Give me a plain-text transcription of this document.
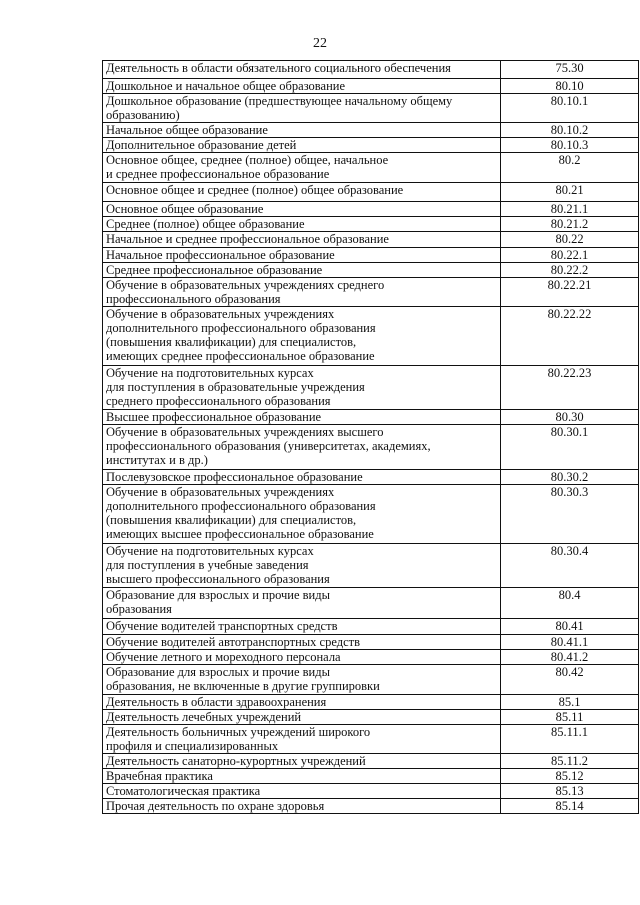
22
Деятельность в области обязательного социального обеспечения	75.30

Дошкольное и начальное общее образование	80.10

Дошкольное образование (предшествующее начальному общему
образованию)	80.10.1

Начальное общее образование	80.10.2

Дополнительное образование детей	80.10.3

Основное общее, среднее (полное) общее, начальное
и среднее профессиональное образование	80.2

Основное общее и среднее (полное) общее образование	80.21

Основное общее образование	80.21.1

Среднее (полное) общее образование	80.21.2

Начальное и среднее профессиональное образование	80.22

Начальное профессиональное образование	80.22.1

Среднее профессиональное образование	80.22.2

Обучение в образовательных учреждениях среднего
профессионального образования	80.22.21

Обучение в образовательных учреждениях
дополнительного профессионального образования
(повышения квалификации) для специалистов,
имеющих среднее профессиональное образование	80.22.22

Обучение на подготовительных курсах
для поступления в образовательные учреждения
среднего профессионального образования	80.22.23

Высшее профессиональное образование	80.30

Обучение в образовательных учреждениях высшего
профессионального образования (университетах, академиях,
институтах и в др.)	80.30.1

Послевузовское профессиональное образование	80.30.2

Обучение в образовательных учреждениях
дополнительного профессионального образования
(повышения квалификации) для специалистов,
имеющих высшее профессиональное образование	80.30.3

Обучение на подготовительных курсах
для поступления в учебные заведения
высшего профессионального образования	80.30.4

Образование для взрослых и прочие виды
образования	80.4

Обучение водителей транспортных средств	80.41

Обучение водителей автотранспортных средств	80.41.1

Обучение летного и мореходного персонала	80.41.2

Образование для взрослых и прочие виды
образования, не включенные в другие группировки	80.42

Деятельность в области здравоохранения	85.1

Деятельность лечебных учреждений	85.11

Деятельность больничных учреждений широкого
профиля и специализированных	85.11.1

Деятельность санаторно-курортных учреждений	85.11.2

Врачебная практика	85.12

Стоматологическая практика	85.13

Прочая деятельность по охране здоровья	85.14
